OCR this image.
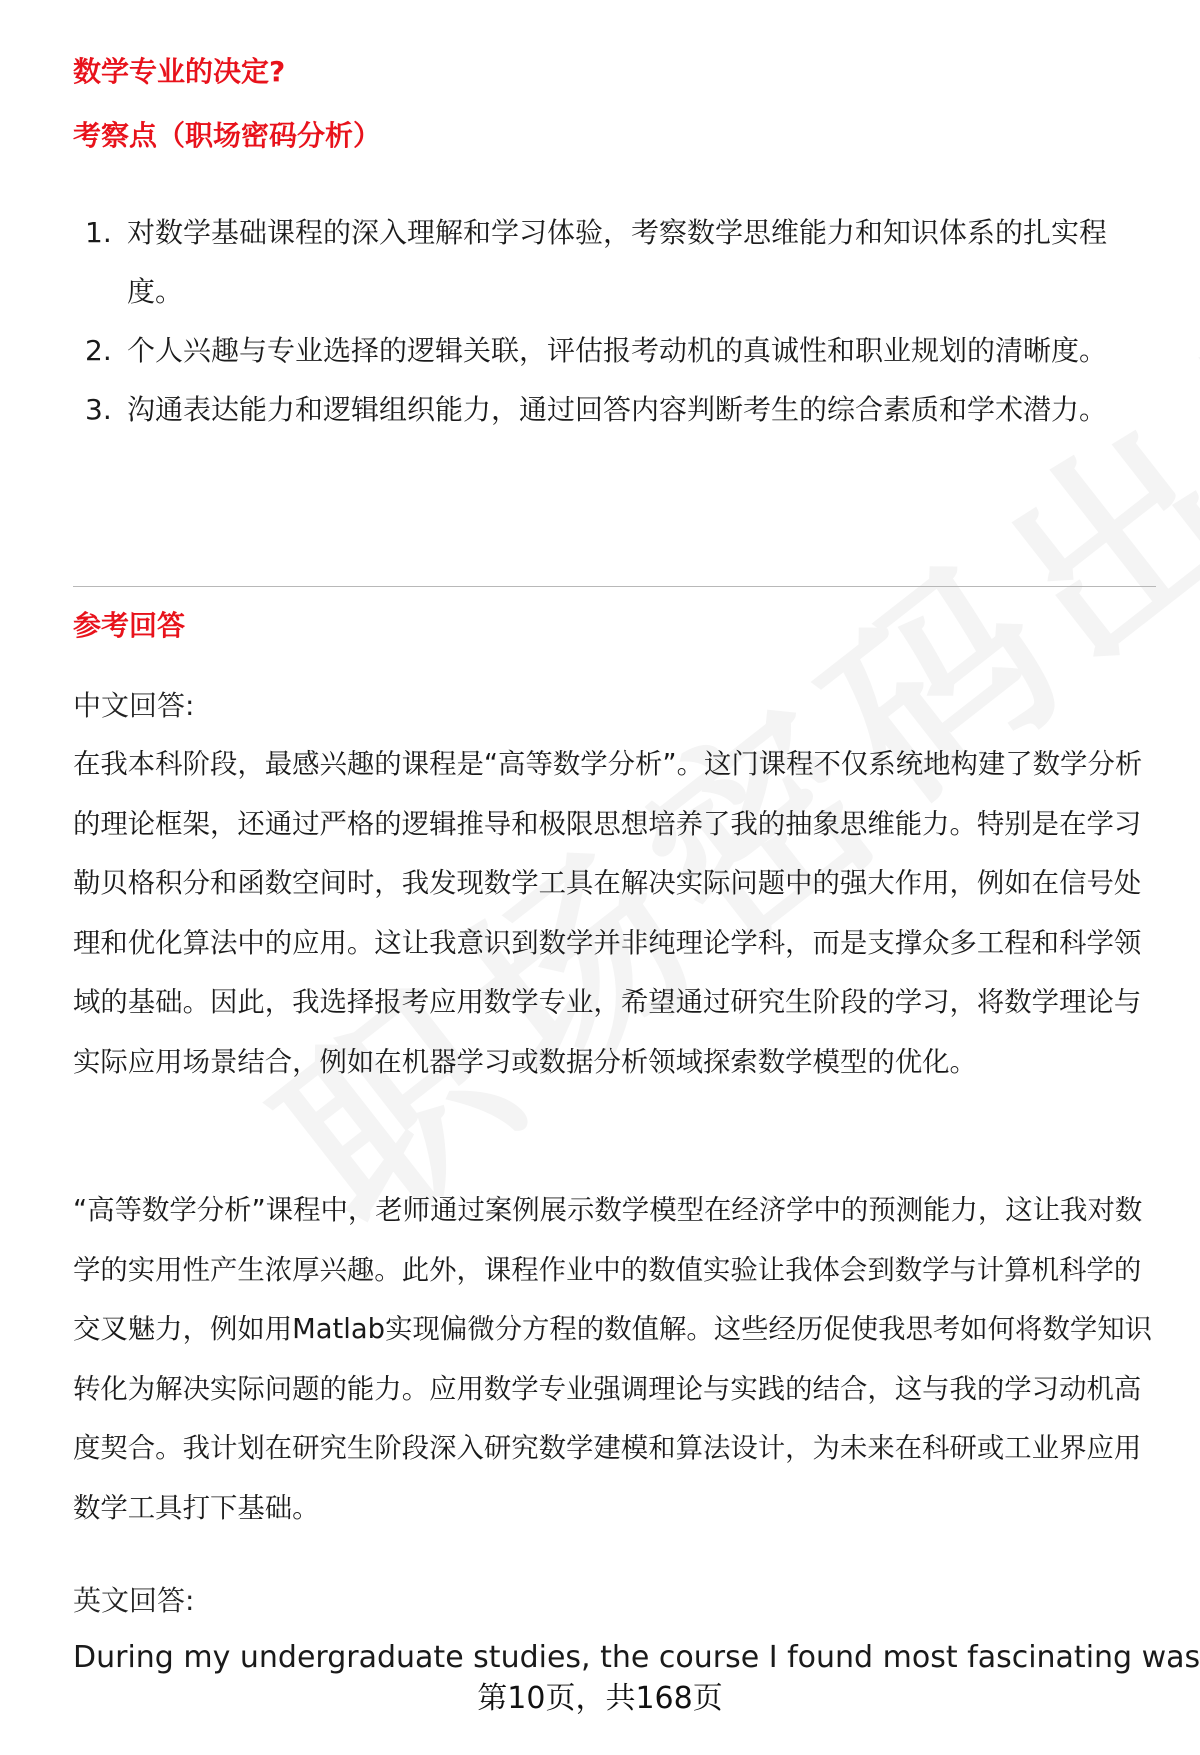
数学专业的决定?
考察点（职场密码分析）
1. 对数学基础课程的深入理解和学习体验，考察数学思维能力和知识体系的扎实程度。
2. 个人兴趣与专业选择的逻辑关联，评估报考动机的真诚性和职业规划的清晰度。
3. 沟通表达能力和逻辑组织能力，通过回答内容判断考生的综合素质和学术潜力。
参考回答

中文回答:

在我本科阶段，最感兴趣的课程是“高等数学分析”。这门课程不仅系统地构建了数学分析的理论框架，还通过严格的逻辑推导和极限思想培养了我的抽象思维能力。特别是在学习勒贝格积分和函数空间时，我发现数学工具在解决实际问题中的强大作用，例如在信号处理和优化算法中的应用。这让我意识到数学并非纯理论学科，而是支撑众多工程和科学领域的基础。因此，我选择报考应用数学专业，希望通过研究生阶段的学习，将数学理论与实际应用场景结合，例如在机器学习或数据分析领域探索数学模型的优化。

“高等数学分析”课程中，老师通过案例展示数学模型在经济学中的预测能力，这让我对数学的实用性产生浓厚兴趣。此外，课程作业中的数值实验让我体会到数学与计算机科学的交叉魅力，例如用Matlab实现偏微分方程的数值解。这些经历促使我思考如何将数学知识转化为解决实际问题的能力。应用数学专业强调理论与实践的结合，这与我的学习动机高度契合。我计划在研究生阶段深入研究数学建模和算法设计，为未来在科研或工业界应用数学工具打下基础。

英文回答:

During my undergraduate studies, the course I found most fascinating was

第10页，共168页
